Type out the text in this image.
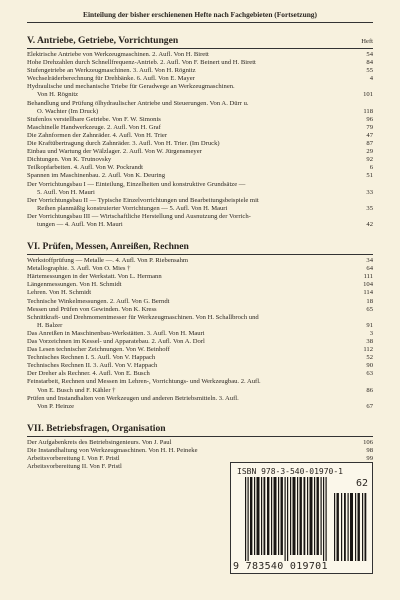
Einteilung der bisher erschienenen Hefte nach Fachgebieten (Fortsetzung)
V. Antriebe, Getriebe, Vorrichtungen	Heft
Elektrische Antriebe von Werkzeugmaschinen. 2. Aufl. Von H. Birett	54
Hohe Drehzahlen durch Schnellfrequenz-Antrieb. 2. Aufl. Von F. Beinert und H. Birett	84
Stufengetriebe an Werkzeugmaschinen. 3. Aufl. Von H. Rögnitz	55
Wechselräderberechnung für Drehbänke. 6. Aufl. Von E. Mayer	4
Hydraulische und mechanische Triebe für Geradwege an Werkzeugmaschinen.
Von H. Rögnitz	101
Behandlung und Prüfung ölhydraulischer Antriebe und Steuerungen. Von A. Dürr u.
O. Wachter (Im Druck)	118
Stufenlos verstellbare Getriebe. Von F. W. Simonis	96
Maschinelle Handwerkzeuge. 2. Aufl. Von H. Graf	79
Die Zahnformen der Zahnräder. 4. Aufl. Von H. Trier	47
Die Kraftübertragung durch Zahnräder. 3. Aufl. Von H. Trier. (Im Druck)	87
Einbau und Wartung der Wälzlager. 2. Aufl. Von W. Jürgensmeyer	29
Dichtungen. Von K. Trutnovsky	92
Teilkopfarbeiten. 4. Aufl. Von W. Pockrandt	6
Spannen im Maschinenbau. 2. Aufl. Von K. Deuring	51
Der Vorrichtungsbau I — Einteilung, Einzelheiten und konstruktive Grundsätze —
5. Aufl. Von H. Mauri	33
Der Vorrichtungsbau II — Typische Einzelvorrichtungen und Bearbeitungsbeispiele mit
Reihen planmäßig konstruierter Vorrichtungen — 5. Aufl. Von H. Mauri	35
Der Vorrichtungsbau III — Wirtschaftliche Herstellung und Ausnutzung der Vorrich-
tungen — 4. Aufl. Von H. Mauri	42
VI. Prüfen, Messen, Anreißen, Rechnen
Werkstoffprüfung — Metalle —. 4. Aufl. Von P. Riebensahm	34
Metallographie. 3. Aufl. Von O. Mies †	64
Härtemessungen in der Werkstatt. Von L. Hermann	111
Längenmessungen. Von H. Schmidt	104
Lehren. Von H. Schmidt	114
Technische Winkelmessungen. 2. Aufl. Von G. Berndt	18
Messen und Prüfen von Gewinden. Von K. Kress	65
Schnittkraft- und Drehmomentmesser für Werkzeugmaschinen. Von H. Schallbroch und
H. Balzer	91
Das Anreißen in Maschinenbau-Werkstätten. 3. Aufl. Von H. Mauri	3
Das Vorzeichnen im Kessel- und Apparatebau. 2. Aufl. Von A. Dorl	38
Das Lesen technischer Zeichnungen. Von W. Beinhoff	112
Technisches Rechnen I. 5. Aufl. Von V. Happach	52
Technisches Rechnen II. 3. Aufl. Von V. Happach	90
Der Dreher als Rechner. 4. Aufl. Von E. Busch	63
Feinstarbeit, Rechnen und Messen im Lehren-, Vorrichtungs- und Werkzeugbau. 2. Aufl.
Von E. Busch und F. Kähler †	86
Prüfen und Instandhalten von Werkzeugen und anderen Betriebsmitteln. 3. Aufl.
Von P. Heinze	67
VII. Betriebsfragen, Organisation
Der Aufgabenkreis des Betriebsingenieurs. Von J. Paul	106
Die Instandhaltung von Werkzeugmaschinen. Von H. H. Peineke	98
Arbeitsvorbereitung I. Von F. Pristl	99
Arbeitsvorbereitung II. Von F. Pristl
ISBN 978-3-540-01970-1
62
9 783540 019701
